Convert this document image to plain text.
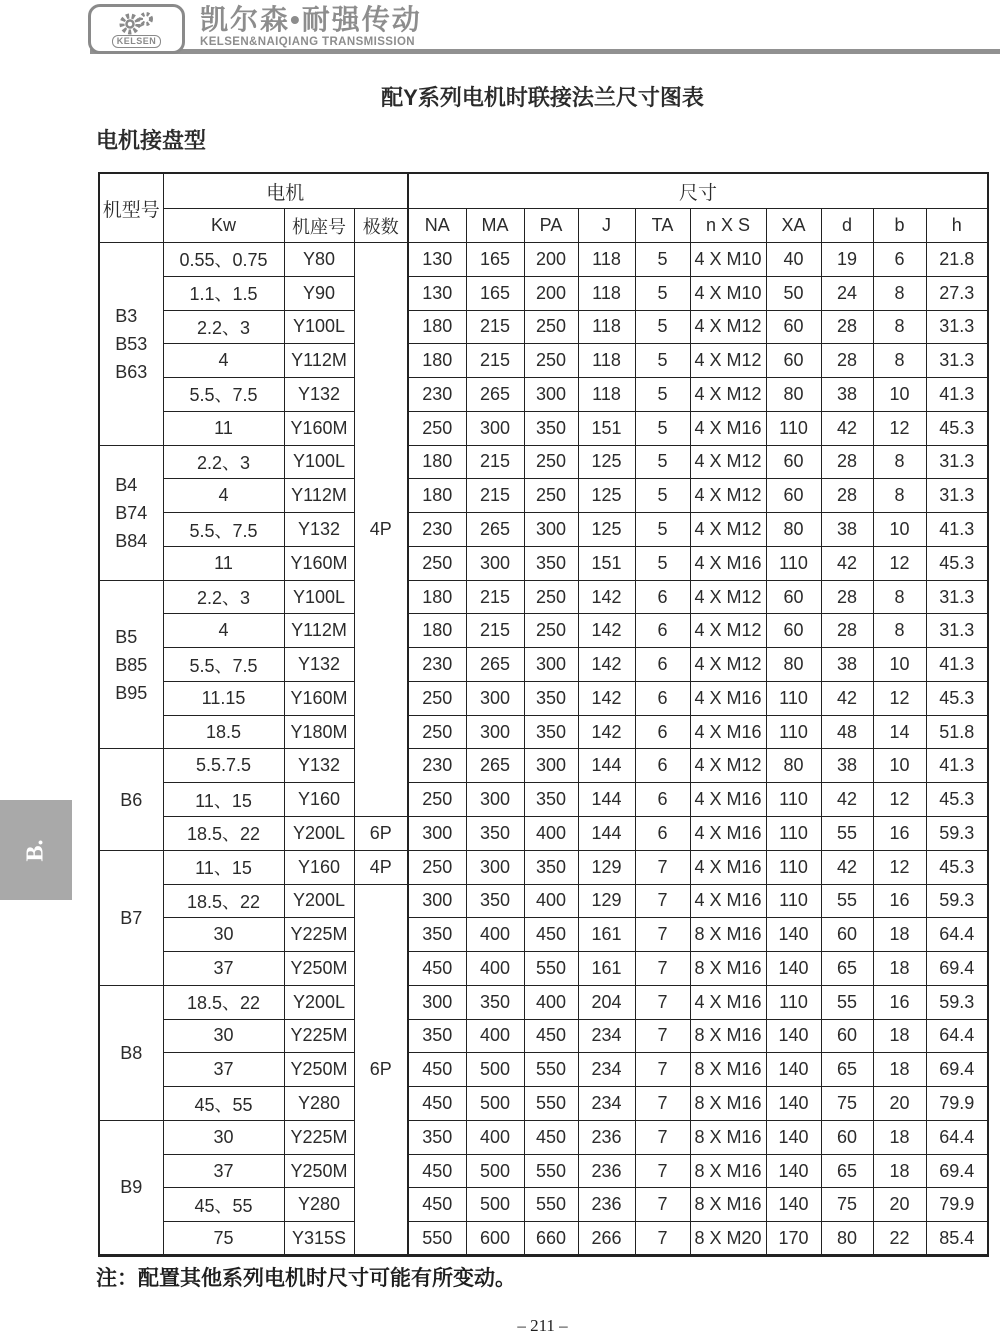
KELSEN
凯尔森•耐强传动
KELSEN&NAIQIANG TRANSMISSION
配Y系列电机时联接法兰尺寸图表
电机接盘型
机型号	电机			尺寸									
	Kw	机座号	极数	NA	MA	PA	J	TA	n X S	XA	d	b	h

B3
B53
B63	0.55、0.75	Y80	4P	130	165	200	118	5	4 X M10	40	19	6	21.8
	1.1、1.5	Y90		130	165	200	118	5	4 X M10	50	24	8	27.3
	2.2、3	Y100L		180	215	250	118	5	4 X M12	60	28	8	31.3
	4	Y112M		180	215	250	118	5	4 X M12	60	28	8	31.3
	5.5、7.5	Y132		230	265	300	118	5	4 X M12	80	38	10	41.3
	11	Y160M		250	300	350	151	5	4 X M16	110	42	12	45.3

B4
B74
B84	2.2、3	Y100L		180	215	250	125	5	4 X M12	60	28	8	31.3
	4	Y112M		180	215	250	125	5	4 X M12	60	28	8	31.3
	5.5、7.5	Y132		230	265	300	125	5	4 X M12	80	38	10	41.3
	11	Y160M		250	300	350	151	5	4 X M16	110	42	12	45.3

B5
B85
B95	2.2、3	Y100L		180	215	250	142	6	4 X M12	60	28	8	31.3
	4	Y112M		180	215	250	142	6	4 X M12	60	28	8	31.3
	5.5、7.5	Y132		230	265	300	142	6	4 X M12	80	38	10	41.3
	11.15	Y160M		250	300	350	142	6	4 X M16	110	42	12	45.3
	18.5	Y180M		250	300	350	142	6	4 X M16	110	48	14	51.8

B6	5.5.7.5	Y132		230	265	300	144	6	4 X M12	80	38	10	41.3
	11、15	Y160		250	300	350	144	6	4 X M16	110	42	12	45.3
	18.5、22	Y200L	6P	300	350	400	144	6	4 X M16	110	55	16	59.3

B7	11、15	Y160	4P	250	300	350	129	7	4 X M16	110	42	12	45.3
	18.5、22	Y200L	6P	300	350	400	129	7	4 X M16	110	55	16	59.3
	30	Y225M		350	400	450	161	7	8 X M16	140	60	18	64.4
	37	Y250M		450	400	550	161	7	8 X M16	140	65	18	69.4

B8	18.5、22	Y200L		300	350	400	204	7	4 X M16	110	55	16	59.3
	30	Y225M		350	400	450	234	7	8 X M16	140	60	18	64.4
	37	Y250M		450	500	550	234	7	8 X M16	140	65	18	69.4
	45、55	Y280		450	500	550	234	7	8 X M16	140	75	20	79.9

B9	30	Y225M		350	400	450	236	7	8 X M16	140	60	18	64.4
	37	Y250M		450	500	550	236	7	8 X M16	140	65	18	69.4
	45、55	Y280		450	500	550	236	7	8 X M16	140	75	20	79.9
	75	Y315S		550	600	660	266	7	8 X M20	170	80	22	85.4
注：配置其他系列电机时尺寸可能有所变动。
– 211 –
B.
